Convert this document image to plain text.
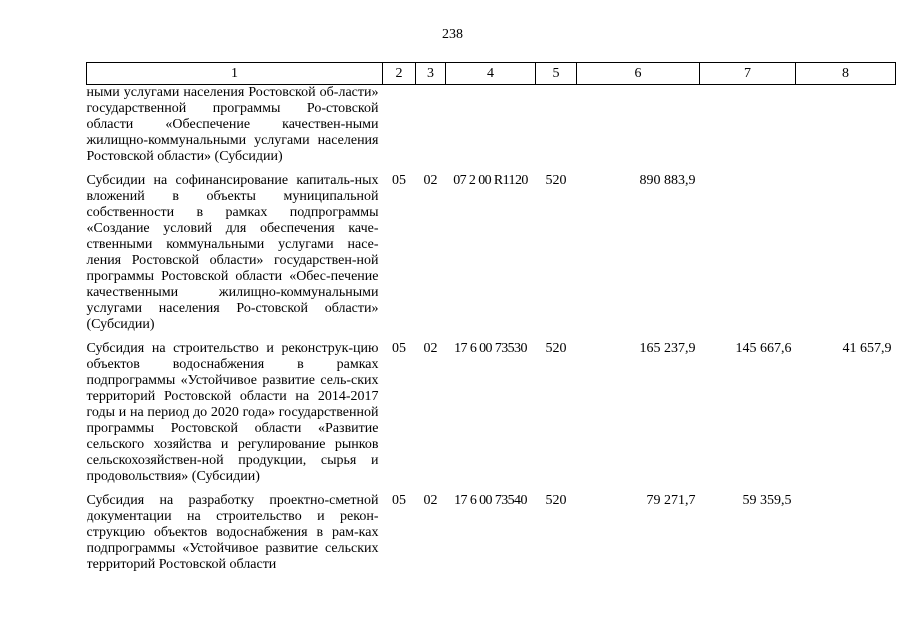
238
1	2	3	4	5	6	7	8
ными услугами населения Ростовской об-ласти» государственной программы Ро-стовской области «Обеспечение качествен-ными жилищно-коммунальными услугами населения Ростовской области» (Субсидии)							
Субсидии на софинансирование капиталь-ных вложений в объекты муниципальной собственности в рамках подпрограммы «Создание условий для обеспечения каче-ственными коммунальными услугами насе-ления Ростовской области» государствен-ной программы Ростовской области «Обес-печение качественными жилищно-коммунальными услугами населения Ро-стовской области» (Субсидии)	05	02	07 2 00 R1120	520	890 883,9		
Субсидия на строительство и реконструк-цию объектов водоснабжения в рамках подпрограммы «Устойчивое развитие сель-ских территорий Ростовской области на 2014-2017 годы и на период до 2020 года» государственной программы Ростовской области «Развитие сельского хозяйства и регулирование рынков сельскохозяйствен-ной продукции, сырья и продовольствия» (Субсидии)	05	02	17 6 00 73530	520	165 237,9	145 667,6	41 657,9
Субсидия на разработку проектно-сметной документации на строительство и рекон-струкцию объектов водоснабжения в рам-ках подпрограммы «Устойчивое развитие сельских территорий Ростовской области	05	02	17 6 00 73540	520	79 271,7	59 359,5	
